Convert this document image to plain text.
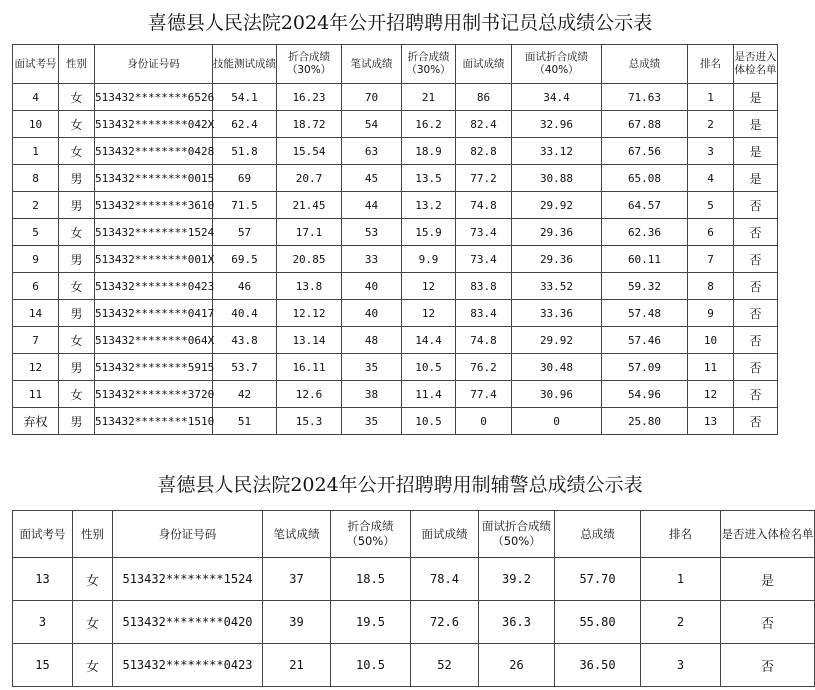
喜德县人民法院2024年公开招聘聘用制书记员总成绩公示表
面试考号	性别	身份证号码	技能测试成绩	折合成绩（30%）	笔试成绩	折合成绩（30%）	面试成绩	面试折合成绩（40%）	总成绩	排名	是否进入体检名单
4	女	513432********6526	54.1	16.23	70	21	86	34.4	71.63	1	是
10	女	513432********042X	62.4	18.72	54	16.2	82.4	32.96	67.88	2	是
1	女	513432********0428	51.8	15.54	63	18.9	82.8	33.12	67.56	3	是
8	男	513432********0015	69	20.7	45	13.5	77.2	30.88	65.08	4	是
2	男	513432********3610	71.5	21.45	44	13.2	74.8	29.92	64.57	5	否
5	女	513432********1524	57	17.1	53	15.9	73.4	29.36	62.36	6	否
9	男	513432********001X	69.5	20.85	33	9.9	73.4	29.36	60.11	7	否
6	女	513432********0423	46	13.8	40	12	83.8	33.52	59.32	8	否
14	男	513432********0417	40.4	12.12	40	12	83.4	33.36	57.48	9	否
7	女	513432********064X	43.8	13.14	48	14.4	74.8	29.92	57.46	10	否
12	男	513432********5915	53.7	16.11	35	10.5	76.2	30.48	57.09	11	否
11	女	513432********3720	42	12.6	38	11.4	77.4	30.96	54.96	12	否
弃权	男	513432********1510	51	15.3	35	10.5	0	0	25.80	13	否
喜德县人民法院2024年公开招聘聘用制辅警总成绩公示表
面试考号	性别	身份证号码	笔试成绩	折合成绩（50%）	面试成绩	面试折合成绩（50%）	总成绩	排名	是否进入体检名单
13	女	513432********1524	37	18.5	78.4	39.2	57.70	1	是
3	女	513432********0420	39	19.5	72.6	36.3	55.80	2	否
15	女	513432********0423	21	10.5	52	26	36.50	3	否
